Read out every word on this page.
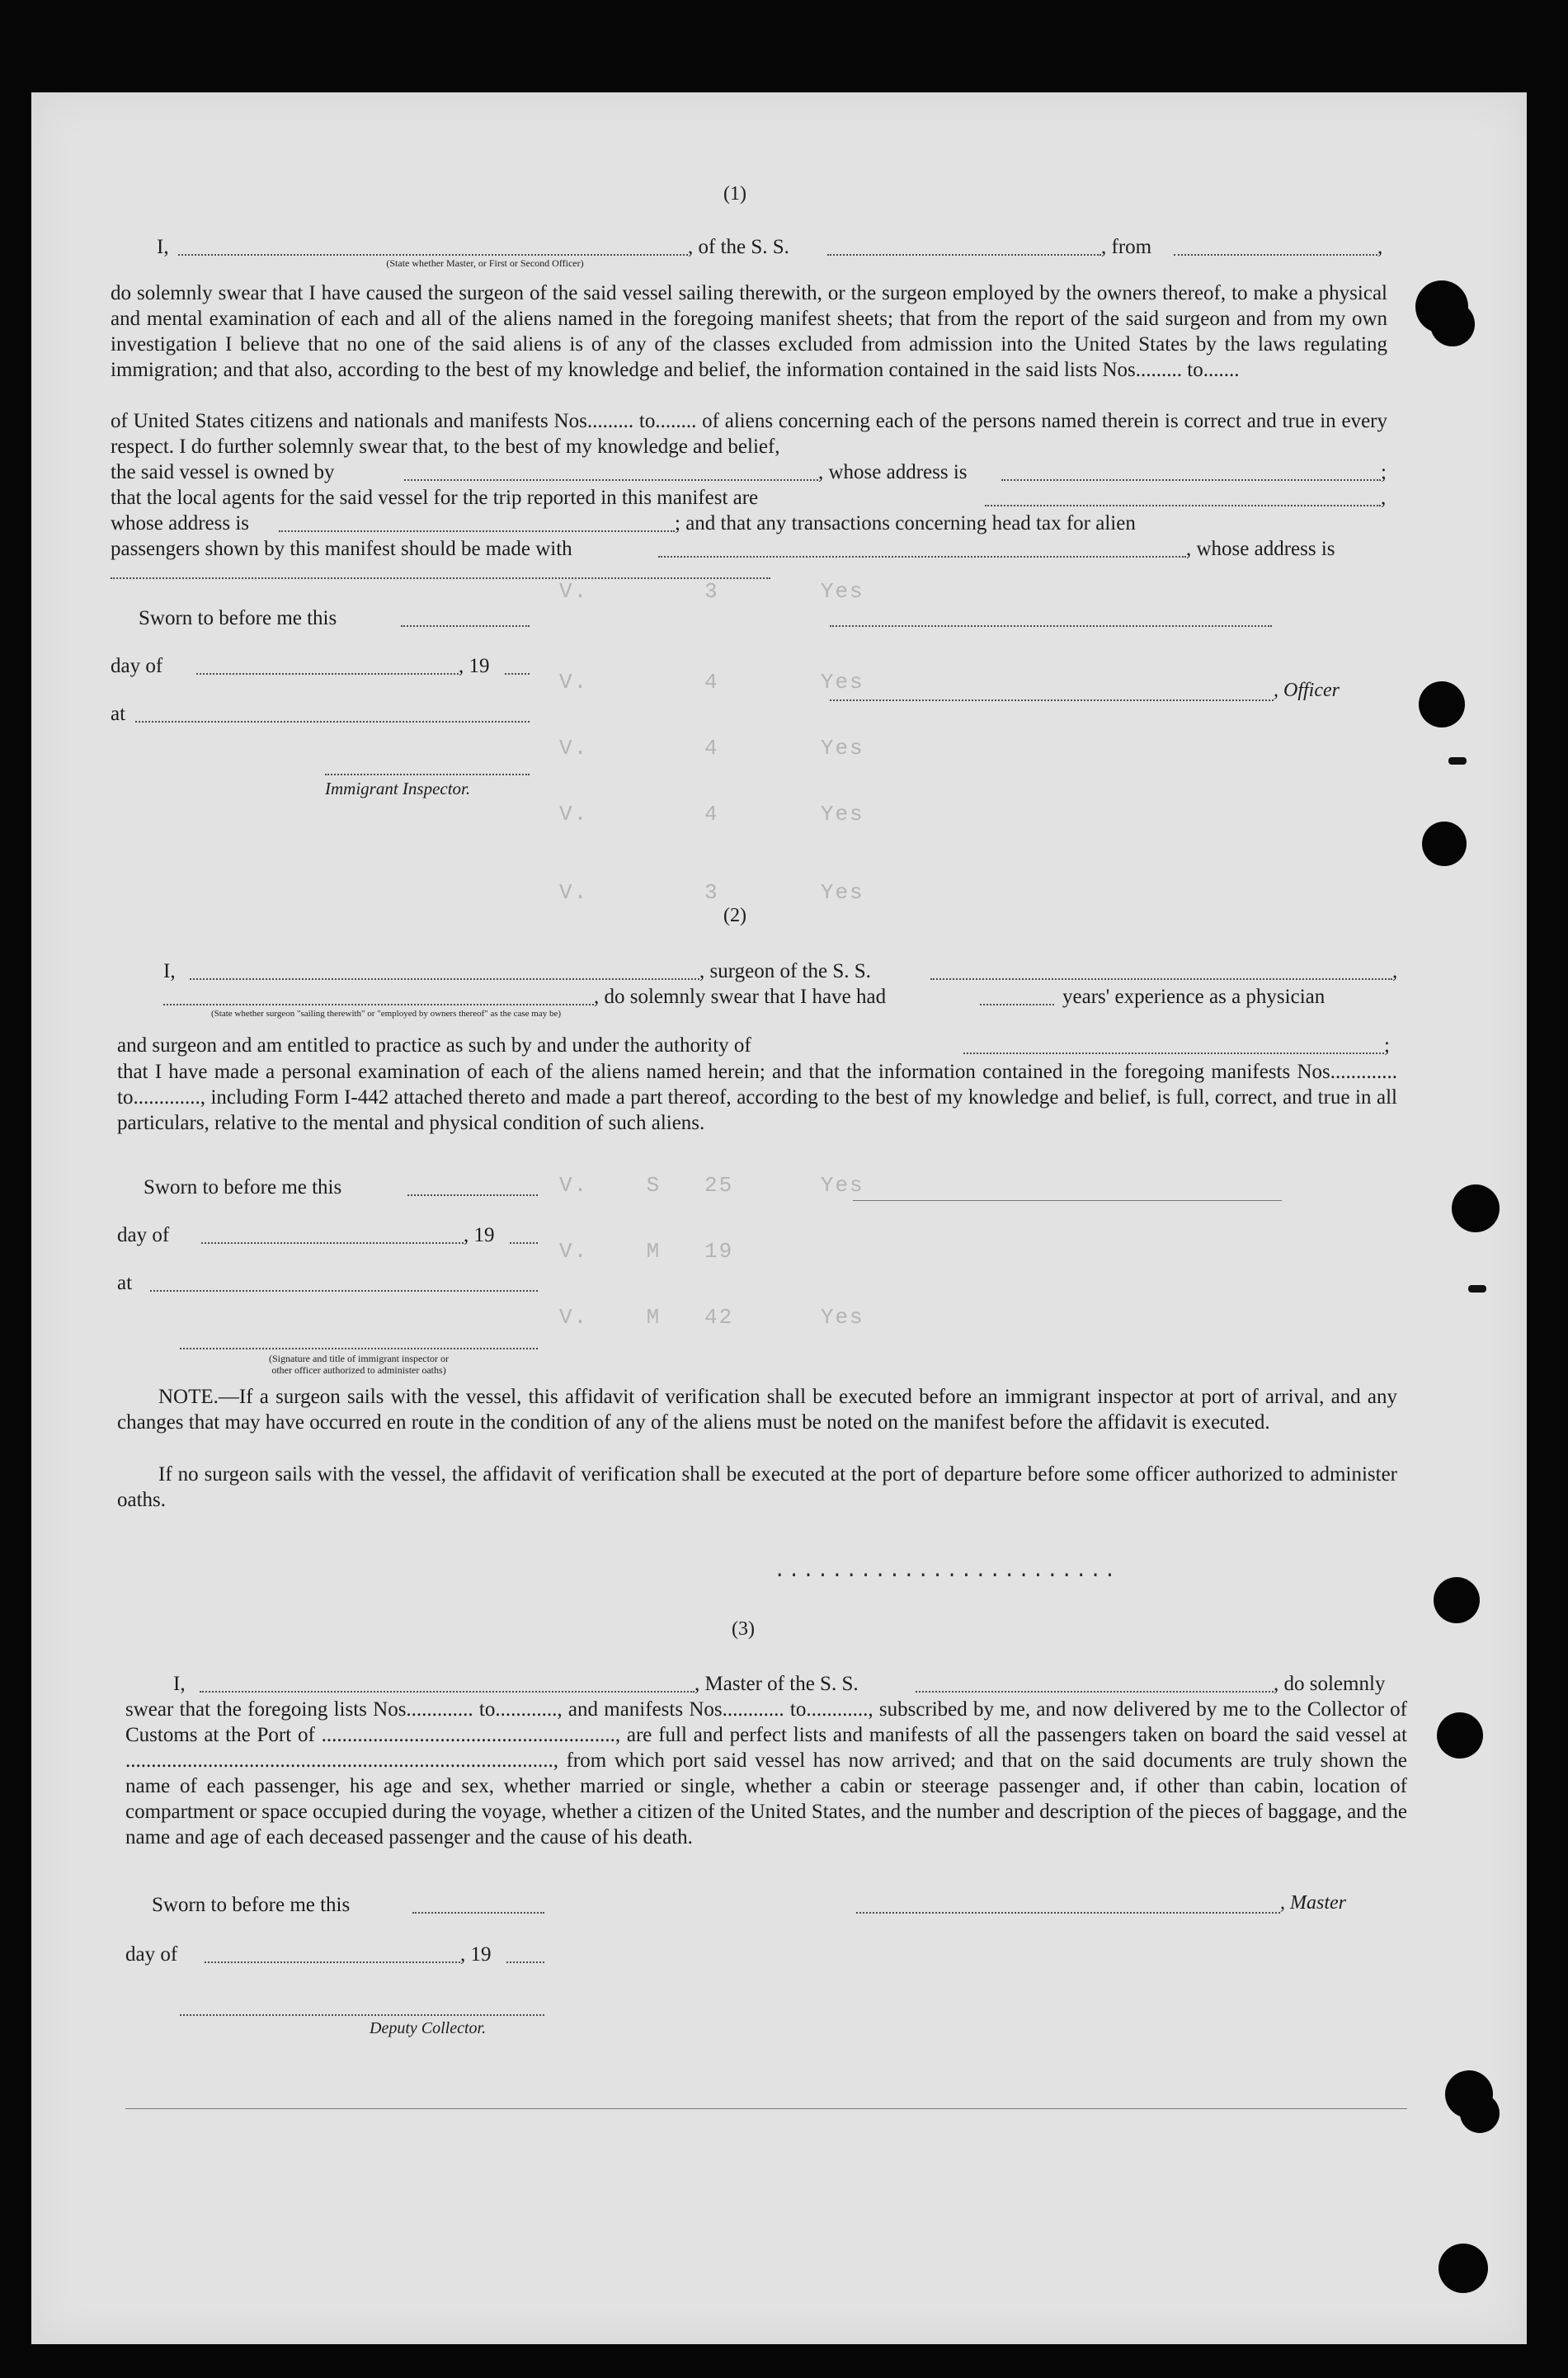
V.        3       Yes
V.        4       Yes
V.        4       Yes
V.        4       Yes
V.        3       Yes
V.    S   25      Yes
V.    M   19
V.    M   42      Yes
(1)
I,	, of the S. S.	, from	,
(State whether Master, or First or Second Officer)
do solemnly swear that I have caused the surgeon of the said vessel sailing therewith, or the surgeon employed by the owners thereof, to make a physical and mental examination of each and all of the aliens named in the foregoing manifest sheets; that from the report of the said surgeon and from my own investigation I believe that no one of the said aliens is of any of the classes excluded from admission into the United States by the laws regulating immigration; and that also, according to the best of my knowledge and belief, the information contained in the said lists Nos......... to.......
of United States citizens and nationals and manifests Nos......... to........ of aliens concerning each of the persons named therein is correct and true in every respect. I do further solemnly swear that, to the best of my knowledge and belief,
the said vessel is owned by	, whose address is	;
that the local agents for the said vessel for the trip reported in this manifest are	,
whose address is	; and that any transactions concerning head tax for alien
passengers shown by this manifest should be made with	, whose address is
Sworn to before me this
day of	, 19
at
, Officer
Immigrant Inspector.
(2)
I,	, surgeon of the S. S.	,
, do solemnly swear that I have had	years' experience as a physician
(State whether surgeon "sailing therewith" or "employed by owners thereof" as the case may be)
and surgeon and am entitled to practice as such by and under the authority of	;
that I have made a personal examination of each of the aliens named herein; and that the information contained in the foregoing manifests Nos............. to............., including Form I-442 attached thereto and made a part thereof, according to the best of my knowledge and belief, is full, correct, and true in all particulars, relative to the mental and physical condition of such aliens.
Sworn to before me this
day of	, 19
at
(Signature and title of immigrant inspector or
other officer authorized to administer oaths)
NOTE.—If a surgeon sails with the vessel, this affidavit of verification shall be executed before an immigrant inspector at port of arrival, and any changes that may have occurred en route in the condition of any of the aliens must be noted on the manifest before the affidavit is executed.
If no surgeon sails with the vessel, the affidavit of verification shall be executed at the port of departure before some officer authorized to administer oaths.
........................
(3)
I,	, Master of the S. S.	, do solemnly
swear that the foregoing lists Nos............. to............, and manifests Nos............ to............, subscribed by me, and now delivered by me to the Collector of Customs at the Port of ........................................................., are full and perfect lists and manifests of all the passengers taken on board the said vessel at ..................................................................................., from which port said vessel has now arrived; and that on the said documents are truly shown the name of each passenger, his age and sex, whether married or single, whether a cabin or steerage passenger and, if other than cabin, location of compartment or space occupied during the voyage, whether a citizen of the United States, and the number and description of the pieces of baggage, and the name and age of each deceased passenger and the cause of his death.
Sworn to before me this	, Master
day of	, 19
Deputy Collector.
